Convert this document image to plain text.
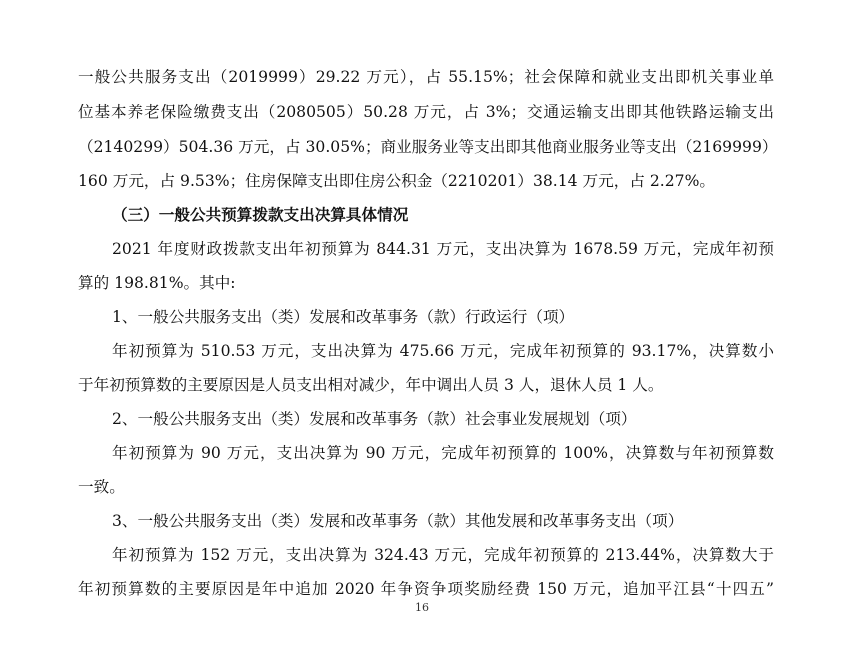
一般公共服务支出（2019999）29.22 万元），占 55.15%；社会保障和就业支出即机关事业单
位基本养老保险缴费支出（2080505）50.28 万元，占 3%；交通运输支出即其他铁路运输支出
（2140299）504.36 万元，占 30.05%；商业服务业等支出即其他商业服务业等支出（2169999）
160 万元，占 9.53%；住房保障支出即住房公积金（2210201）38.14 万元，占 2.27%。
（三）一般公共预算拨款支出决算具体情况
2021 年度财政拨款支出年初预算为 844.31 万元，支出决算为 1678.59 万元，完成年初预
算的 198.81%。其中:
1、一般公共服务支出（类）发展和改革事务（款）行政运行（项）
年初预算为 510.53 万元，支出决算为 475.66 万元，完成年初预算的 93.17%，决算数小
于年初预算数的主要原因是人员支出相对减少，年中调出人员 3 人，退休人员 1 人。
2、一般公共服务支出（类）发展和改革事务（款）社会事业发展规划（项）
年初预算为 90 万元，支出决算为 90 万元，完成年初预算的 100%，决算数与年初预算数
一致。
3、一般公共服务支出（类）发展和改革事务（款）其他发展和改革事务支出（项）
年初预算为 152 万元，支出决算为 324.43 万元，完成年初预算的 213.44%，决算数大于
年初预算数的主要原因是年中追加 2020 年争资争项奖励经费 150 万元，追加平江县“十四五”
16
